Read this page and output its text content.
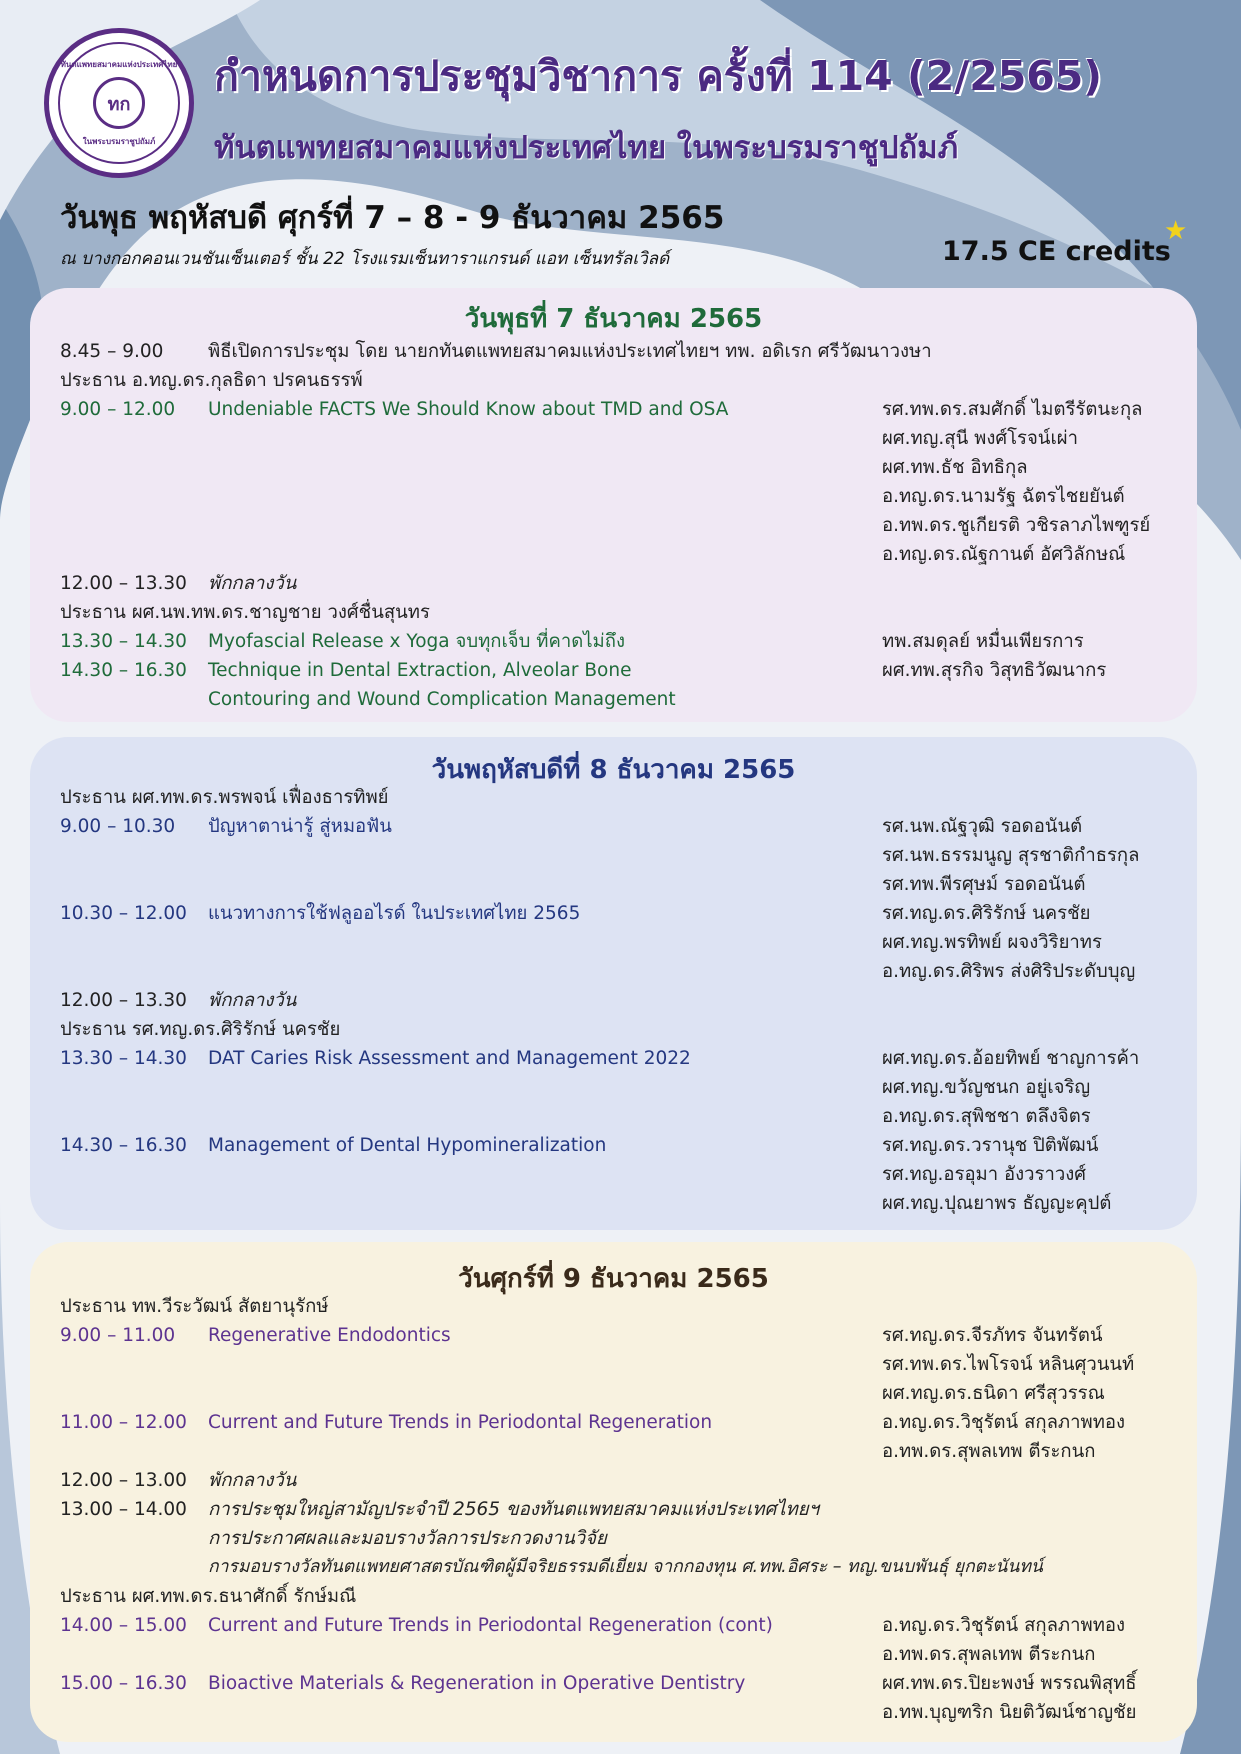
ทันตแพทยสมาคมแห่งประเทศไทย
ทก
ในพระบรมราชูปถัมภ์
กำหนดการประชุมวิชาการ ครั้งที่ 114 (2/2565)
ทันตแพทยสมาคมแห่งประเทศไทย ในพระบรมราชูปถัมภ์
วันพุธ พฤหัสบดี ศุกร์ที่ 7 – 8 - 9 ธันวาคม 2565
ณ บางกอกคอนเวนชันเซ็นเตอร์ ชั้น 22 โรงแรมเซ็นทาราแกรนด์ แอท เซ็นทรัลเวิลด์	17.5 CE credits
★
วันพุธที่ 7 ธันวาคม 2565
8.45 – 9.00 พิธีเปิดการประชุม โดย นายกทันตแพทยสมาคมแห่งประเทศไทยฯ ทพ. อดิเรก ศรีวัฒนาวงษา
ประธาน อ.ทญ.ดร.กุลธิดา ปรคนธรรพ์
9.00 – 12.00 Undeniable FACTS We Should Know about TMD and OSA	รศ.ทพ.ดร.สมศักดิ์ ไมตรีรัตนะกุล
ผศ.ทญ.สุนี พงศ์โรจน์เผ่า
ผศ.ทพ.ธัช อิทธิกุล
อ.ทญ.ดร.นามรัฐ ฉัตรไชยยันต์
อ.ทพ.ดร.ชูเกียรติ วชิรลาภไพฑูรย์
อ.ทญ.ดร.ณัฐกานต์ อัศวิลักษณ์
12.00 – 13.30 พักกลางวัน
ประธาน ผศ.นพ.ทพ.ดร.ชาญชาย วงศ์ชื่นสุนทร
13.30 – 14.30 Myofascial Release x Yoga จบทุกเจ็บ ที่คาดไม่ถึง	ทพ.สมดุลย์ หมื่นเพียรการ
14.30 – 16.30 Technique in Dental Extraction, Alveolar Bone	ผศ.ทพ.สุรกิจ วิสุทธิวัฒนากร
Contouring and Wound Complication Management
วันพฤหัสบดีที่ 8 ธันวาคม 2565
ประธาน ผศ.ทพ.ดร.พรพจน์ เฟื่องธารทิพย์
9.00 – 10.30 ปัญหาตาน่ารู้ สู่หมอฟัน	รศ.นพ.ณัฐวุฒิ รอดอนันต์
รศ.นพ.ธรรมนูญ สุรชาติกำธรกุล
รศ.ทพ.พีรศุษม์ รอดอนันต์
10.30 – 12.00 แนวทางการใช้ฟลูออไรด์ ในประเทศไทย 2565	รศ.ทญ.ดร.ศิริรักษ์ นครชัย
ผศ.ทญ.พรทิพย์ ผจงวิริยาทร
อ.ทญ.ดร.ศิริพร ส่งศิริประดับบุญ
12.00 – 13.30 พักกลางวัน
ประธาน รศ.ทญ.ดร.ศิริรักษ์ นครชัย
13.30 – 14.30 DAT Caries Risk Assessment and Management 2022	ผศ.ทญ.ดร.อ้อยทิพย์ ชาญการค้า
ผศ.ทญ.ขวัญชนก อยู่เจริญ
อ.ทญ.ดร.สุพิชชา ตลึงจิตร
14.30 – 16.30 Management of Dental Hypomineralization	รศ.ทญ.ดร.วรานุช ปิติพัฒน์
รศ.ทญ.อรอุมา อังวราวงศ์
ผศ.ทญ.ปุณยาพร ธัญญะคุปต์
วันศุกร์ที่ 9 ธันวาคม 2565
ประธาน ทพ.วีระวัฒน์ สัตยานุรักษ์
9.00 – 11.00 Regenerative Endodontics	รศ.ทญ.ดร.จีรภัทร จันทรัตน์
รศ.ทพ.ดร.ไพโรจน์ หลินศุวนนท์
ผศ.ทญ.ดร.ธนิดา ศรีสุวรรณ
11.00 – 12.00 Current and Future Trends in Periodontal Regeneration	อ.ทญ.ดร.วิชุรัตน์ สกุลภาพทอง
อ.ทพ.ดร.สุพลเทพ ตีระกนก
12.00 – 13.00 พักกลางวัน
13.00 – 14.00 การประชุมใหญ่สามัญประจำปี 2565 ของทันตแพทยสมาคมแห่งประเทศไทยฯ
การประกาศผลและมอบรางวัลการประกวดงานวิจัย
การมอบรางวัลทันตแพทยศาสตรบัณฑิตผู้มีจริยธรรมดีเยี่ยม จากกองทุน ศ.ทพ.อิศระ – ทญ.ขนบพันธุ์ ยุกตะนันทน์
ประธาน ผศ.ทพ.ดร.ธนาศักดิ์ รักษ์มณี
14.00 – 15.00 Current and Future Trends in Periodontal Regeneration (cont)	อ.ทญ.ดร.วิชุรัตน์ สกุลภาพทอง
อ.ทพ.ดร.สุพลเทพ ตีระกนก
15.00 – 16.30 Bioactive Materials & Regeneration in Operative Dentistry	ผศ.ทพ.ดร.ปิยะพงษ์ พรรณพิสุทธิ์
อ.ทพ.บุญฑริก นิยติวัฒน์ชาญชัย
